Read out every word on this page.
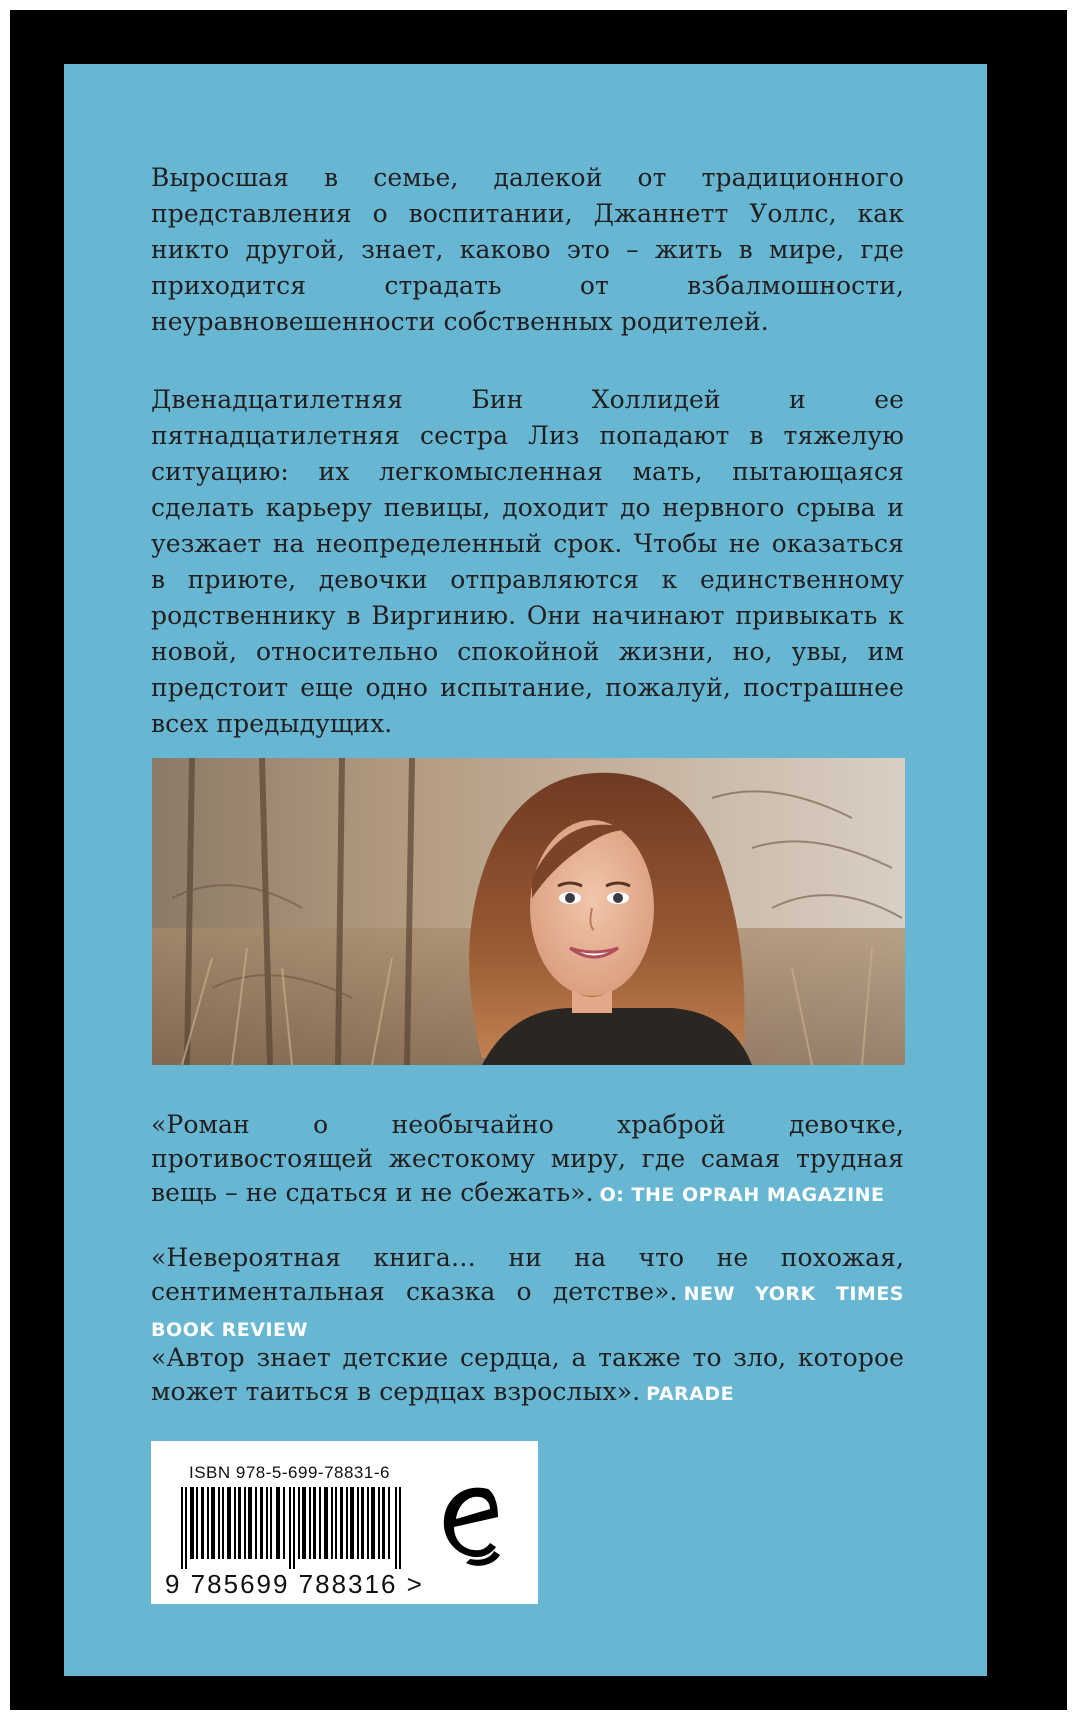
Выросшая в семье, далекой от традиционного представления о воспитании, Джаннетт Уоллс, как никто другой, знает, каково это – жить в мире, где приходится страдать от взбалмошности, неуравновешенности собственных родителей.

Двенадцатилетняя Бин Холлидей и ее пятнадцатилетняя сестра Лиз попадают в тяжелую ситуацию: их легкомысленная мать, пытающаяся сделать карьеру певицы, доходит до нервного срыва и уезжает на неопределенный срок. Чтобы не оказаться в приюте, девочки отправляются к единственному родственнику в Виргинию. Они начинают привыкать к новой, относительно спокойной жизни, но, увы, им предстоит еще одно испытание, пожалуй, пострашнее всех предыдущих.

«Роман о необычайно храброй девочке, противостоящей жестокому миру, где самая трудная вещь – не сдаться и не сбежать». O: THE OPRAH MAGAZINE

«Невероятная книга… ни на что не похожая, сентиментальная сказка о детстве». NEW YORK TIMES BOOK REVIEW

«Автор знает детские сердца, а также то зло, которое может таиться в сердцах взрослых». PARADE

ISBN 978-5-699-78831-6
9 785699 788316 >
